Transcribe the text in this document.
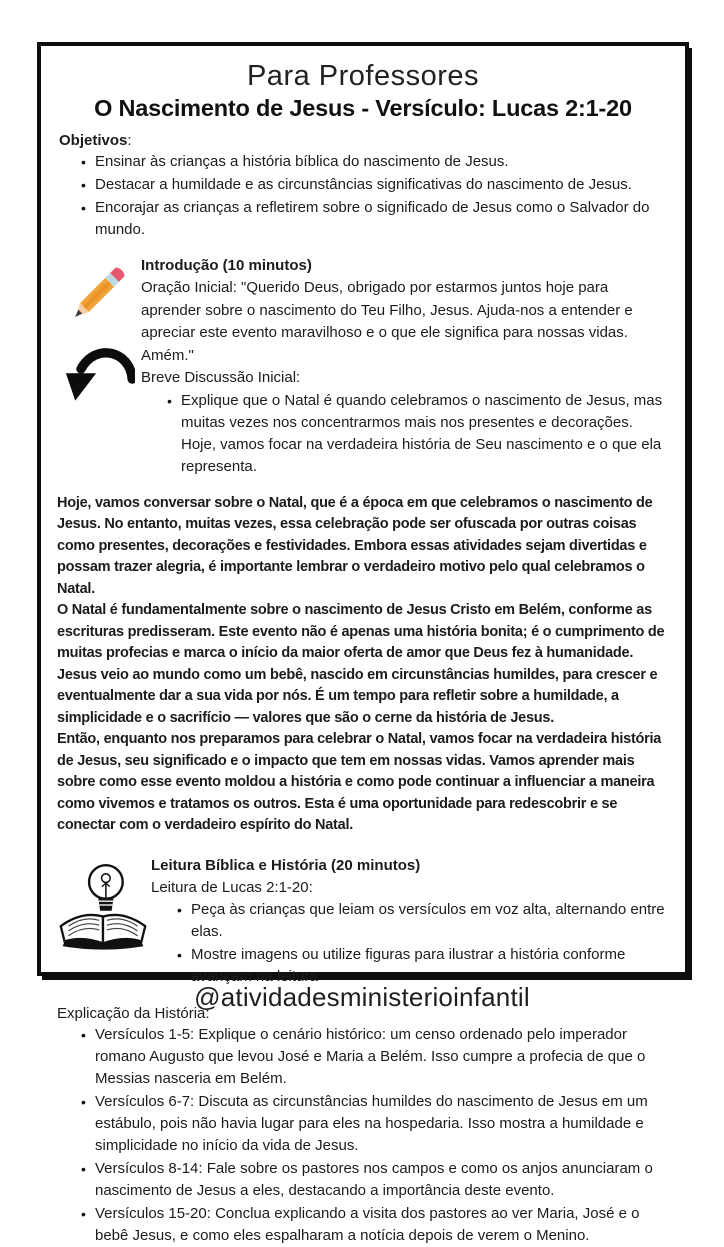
Para Professores
O Nascimento de Jesus - Versículo: Lucas 2:1-20
Objetivos:
• Ensinar às crianças a história bíblica do nascimento de Jesus.
• Destacar a humildade e as circunstâncias significativas do nascimento de Jesus.
• Encorajar as crianças a refletirem sobre o significado de Jesus como o Salvador do mundo.

Introdução (10 minutos)

Oração Inicial: "Querido Deus, obrigado por estarmos juntos hoje para aprender sobre o nascimento do Teu Filho, Jesus. Ajuda-nos a entender e apreciar este evento maravilhoso e o que ele significa para nossas vidas. Amém."

Breve Discussão Inicial:

• Explique que o Natal é quando celebramos o nascimento de Jesus, mas muitas vezes nos concentrarmos mais nos presentes e decorações. Hoje, vamos focar na verdadeira história de Seu nascimento e o que ela representa.

Hoje, vamos conversar sobre o Natal, que é a época em que celebramos o nascimento de Jesus. No entanto, muitas vezes, essa celebração pode ser ofuscada por outras coisas como presentes, decorações e festividades. Embora essas atividades sejam divertidas e possam trazer alegria, é importante lembrar o verdadeiro motivo pelo qual celebramos o Natal.

O Natal é fundamentalmente sobre o nascimento de Jesus Cristo em Belém, conforme as escrituras predisseram. Este evento não é apenas uma história bonita; é o cumprimento de muitas profecias e marca o início da maior oferta de amor que Deus fez à humanidade. Jesus veio ao mundo como um bebê, nascido em circunstâncias humildes, para crescer e eventualmente dar a sua vida por nós. É um tempo para refletir sobre a humildade, a simplicidade e o sacrifício — valores que são o cerne da história de Jesus.

Então, enquanto nos preparamos para celebrar o Natal, vamos focar na verdadeira história de Jesus, seu significado e o impacto que tem em nossas vidas. Vamos aprender mais sobre como esse evento moldou a história e como pode continuar a influenciar a maneira como vivemos e tratamos os outros. Esta é uma oportunidade para redescobrir e se conectar com o verdadeiro espírito do Natal.

Leitura Bíblica e História (20 minutos)

Leitura de Lucas 2:1-20:

• Peça às crianças que leiam os versículos em voz alta, alternando entre elas.
• Mostre imagens ou utilize figuras para ilustrar a história conforme avançam na leitura
Explicação da História:
• Versículos 1-5: Explique o cenário histórico: um censo ordenado pelo imperador romano Augusto que levou José e Maria a Belém. Isso cumpre a profecia de que o Messias nasceria em Belém.
• Versículos 6-7: Discuta as circunstâncias humildes do nascimento de Jesus em um estábulo, pois não havia lugar para eles na hospedaria. Isso mostra a humildade e simplicidade no início da vida de Jesus.
• Versículos 8-14: Fale sobre os pastores nos campos e como os anjos anunciaram o nascimento de Jesus a eles, destacando a importância deste evento.
• Versículos 15-20: Conclua explicando a visita dos pastores ao ver Maria, José e o bebê Jesus, e como eles espalharam a notícia depois de verem o Menino.
@atividadesministerioinfantil
